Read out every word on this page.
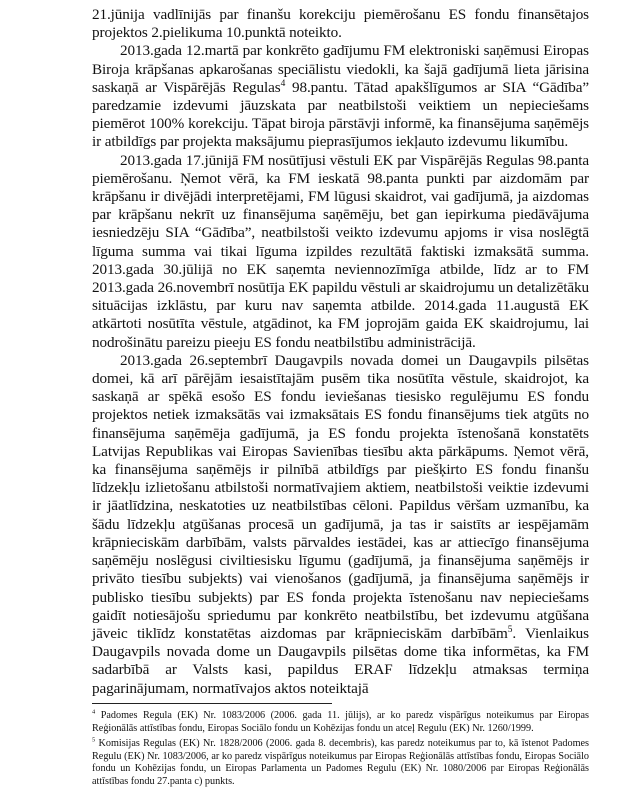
21.jūnija vadlīnijās par finanšu korekciju piemērošanu ES fondu finansētajos projektos 2.pielikuma 10.punktā noteikto.

2013.gada 12.martā par konkrēto gadījumu FM elektroniski saņēmusi Eiropas Biroja krāpšanas apkarošanas speciālistu viedokli, ka šajā gadījumā lieta jārisina saskaņā ar Vispārējās Regulas$^4$ 98.pantu. Tātad apakšlīgumos ar SIA “Gādība” paredzamie izdevumi jāuzskata par neatbilstoši veiktiem un nepieciešams piemērot 100% korekciju. Tāpat biroja pārstāvji informē, ka finansējuma saņēmējs ir atbildīgs par projekta maksājumu pieprasījumos iekļauto izdevumu likumību.

2013.gada 17.jūnijā FM nosūtījusi vēstuli EK par Vispārējās Regulas 98.panta piemērošanu. Ņemot vērā, ka FM ieskatā 98.panta punkti par aizdomām par krāpšanu ir divējādi interpretējami, FM lūgusi skaidrot, vai gadījumā, ja aizdomas par krāpšanu nekrīt uz finansējuma saņēmēju, bet gan iepirkuma piedāvājuma iesniedzēju SIA “Gādība”, neatbilstoši veikto izdevumu apjoms ir visa noslēgtā līguma summa vai tikai līguma izpildes rezultātā faktiski izmaksātā summa. 2013.gada 30.jūlijā no EK saņemta neviennozīmīga atbilde, līdz ar to FM 2013.gada 26.novembrī nosūtīja EK papildu vēstuli ar skaidrojumu un detalizētāku situācijas izklāstu, par kuru nav saņemta atbilde. 2014.gada 11.augustā EK atkārtoti nosūtīta vēstule, atgādinot, ka FM joprojām gaida EK skaidrojumu, lai nodrošinātu pareizu pieeju ES fondu neatbilstību administrācijā.

2013.gada 26.septembrī Daugavpils novada domei un Daugavpils pilsētas domei, kā arī pārējām iesaistītajām pusēm tika nosūtīta vēstule, skaidrojot, ka saskaņā ar spēkā esošo ES fondu ieviešanas tiesisko regulējumu ES fondu projektos netiek izmaksātās vai izmaksātais ES fondu finansējums tiek atgūts no finansējuma saņēmēja gadījumā, ja ES fondu projekta īstenošanā konstatēts Latvijas Republikas vai Eiropas Savienības tiesību akta pārkāpums. Ņemot vērā, ka finansējuma saņēmējs ir pilnībā atbildīgs par piešķirto ES fondu finanšu līdzekļu izlietošanu atbilstoši normatīvajiem aktiem, neatbilstoši veiktie izdevumi ir jāatlīdzina, neskatoties uz neatbilstības cēloni. Papildus vēršam uzmanību, ka šādu līdzekļu atgūšanas procesā un gadījumā, ja tas ir saistīts ar iespējamām krāpnieciskām darbībām, valsts pārvaldes iestādei, kas ar attiecīgo finansējuma saņēmēju noslēgusi civiltiesisku līgumu (gadījumā, ja finansējuma saņēmējs ir privāto tiesību subjekts) vai vienošanos (gadījumā, ja finansējuma saņēmējs ir publisko tiesību subjekts) par ES fonda projekta īstenošanu nav nepieciešams gaidīt notiesājošu spriedumu par konkrēto neatbilstību, bet izdevumu atgūšana jāveic tiklīdz konstatētas aizdomas par krāpnieciskām darbībām$^5$. Vienlaikus Daugavpils novada dome un Daugavpils pilsētas dome tika informētas, ka FM sadarbībā ar Valsts kasi, papildus ERAF līdzekļu atmaksas termiņa pagarinājumam, normatīvajos aktos noteiktajā

$^4$ Padomes Regula (EK) Nr. 1083/2006 (2006. gada 11. jūlijs), ar ko paredz vispārīgus noteikumus par Eiropas Reģionālās attīstības fondu, Eiropas Sociālo fondu un Kohēzijas fondu un atceļ Regulu (EK) Nr. 1260/1999.

$^5$ Komisijas Regulas (EK) Nr. 1828/2006 (2006. gada 8. decembris), kas paredz noteikumus par to, kā īstenot Padomes Regulu (EK) Nr. 1083/2006, ar ko paredz vispārīgus noteikumus par Eiropas Reģionālās attīstības fondu, Eiropas Sociālo fondu un Kohēzijas fondu, un Eiropas Parlamenta un Padomes Regulu (EK) Nr. 1080/2006 par Eiropas Reģionālās attīstības fondu 27.panta c) punkts.
